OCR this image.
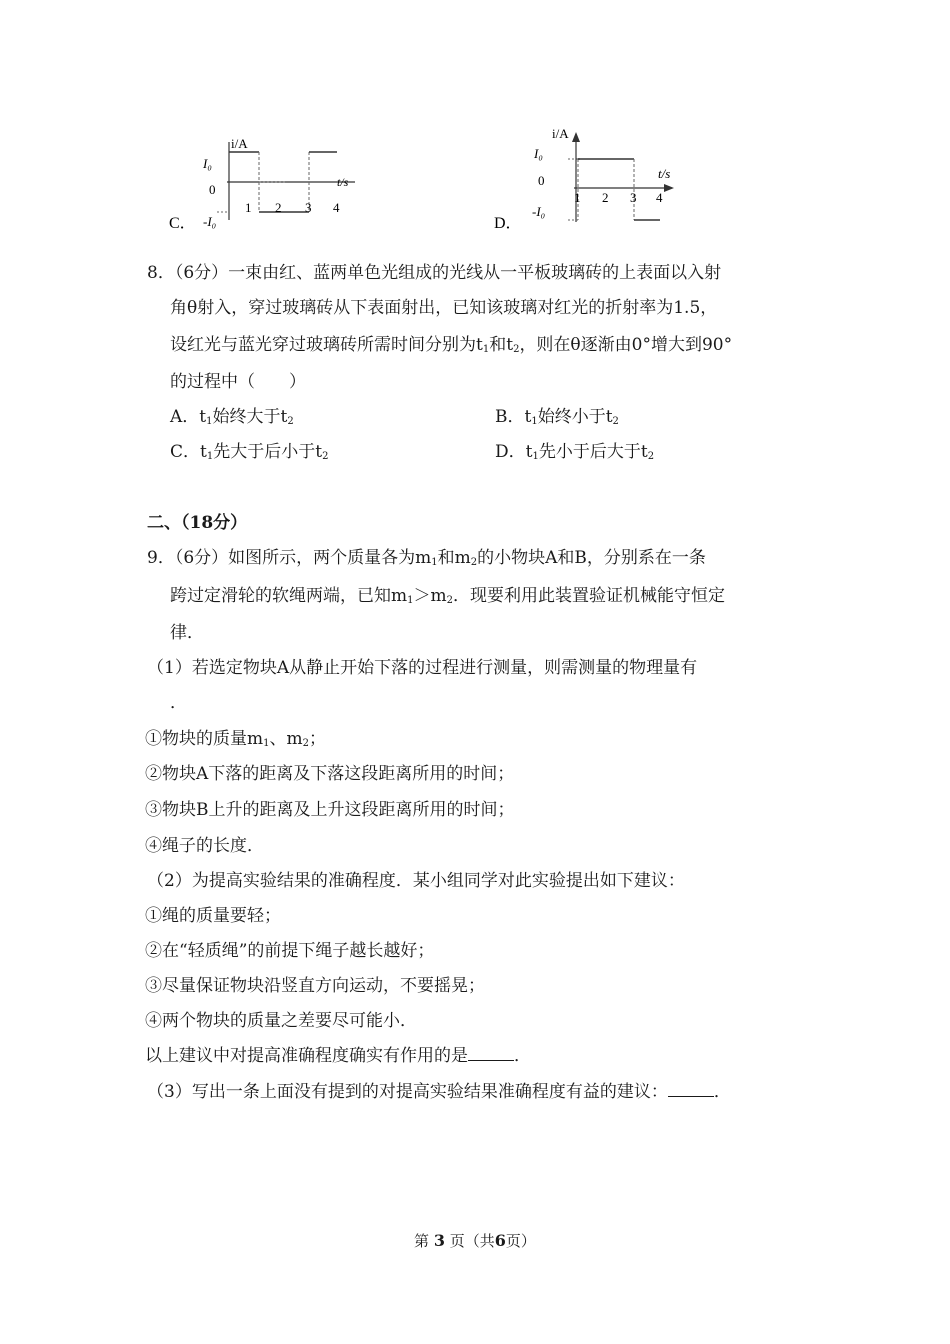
i/A
t/s
I₀
0
-I₀
1 2 3 4
C．
i/A
t/s
I₀
0
-I₀
1 2 3 4
D．
8．（6分）一束由红、蓝两单色光组成的光线从一平板玻璃砖的上表面以入射
角θ射入，穿过玻璃砖从下表面射出，已知该玻璃对红光的折射率为1.5，
设红光与蓝光穿过玻璃砖所需时间分别为$t_1$和$t_2$，则在θ逐渐由0°增大到90°
的过程中（　　）
A．$t_1$始终大于$t_2$	B．$t_1$始终小于$t_2$
C．$t_1$先大于后小于$t_2$	D．$t_1$先小于后大于$t_2$
二、（18分）
9．（6分）如图所示，两个质量各为$m_1$和$m_2$的小物块A和B，分别系在一条
跨过定滑轮的软绳两端，已知$m_1>m_2$．现要利用此装置验证机械能守恒定
律．
（1）若选定物块A从静止开始下落的过程进行测量，则需测量的物理量有
．
①物块的质量$m_1$、$m_2$；
②物块A下落的距离及下落这段距离所用的时间；
③物块B上升的距离及上升这段距离所用的时间；
④绳子的长度．
（2）为提高实验结果的准确程度．某小组同学对此实验提出如下建议：
①绳的质量要轻；
②在“轻质绳”的前提下绳子越长越好；
③尽量保证物块沿竖直方向运动，不要摇晃；
④两个物块的质量之差要尽可能小．
以上建议中对提高准确程度确实有作用的是	．
（3）写出一条上面没有提到的对提高实验结果准确程度有益的建议：	．
第 3 页（共6页）
